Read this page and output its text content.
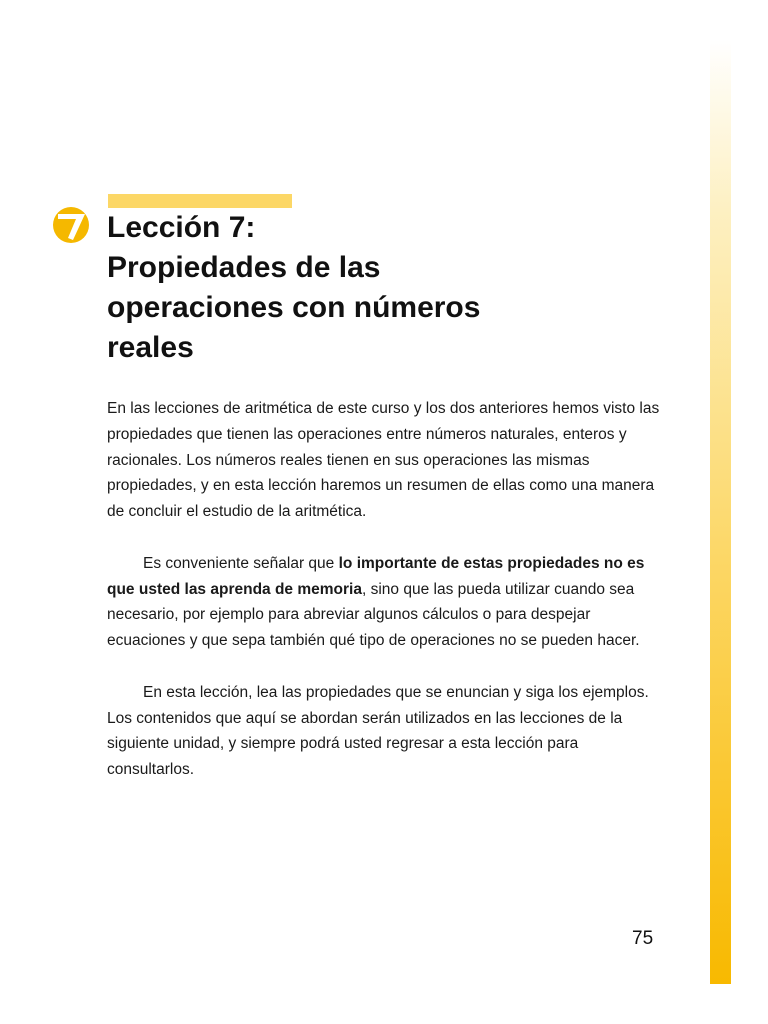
Lección 7:
Propiedades de las
operaciones con números
reales

En las lecciones de aritmética de este curso y los dos anteriores hemos visto las propiedades que tienen las operaciones entre números naturales, enteros y racionales. Los números reales tienen en sus operaciones las mismas propiedades, y en esta lección haremos un resumen de ellas como una manera de concluir el estudio de la aritmética.

Es conveniente señalar que lo importante de estas propiedades no es que usted las aprenda de memoria, sino que las pueda utilizar cuando sea necesario, por ejemplo para abreviar algunos cálculos o para despejar ecuaciones y que sepa también qué tipo de operaciones no se pueden hacer.

En esta lección, lea las propiedades que se enuncian y siga los ejemplos. Los contenidos que aquí se abordan serán utilizados en las lecciones de la siguiente unidad, y siempre podrá usted regresar a esta lección para consultarlos.

75
